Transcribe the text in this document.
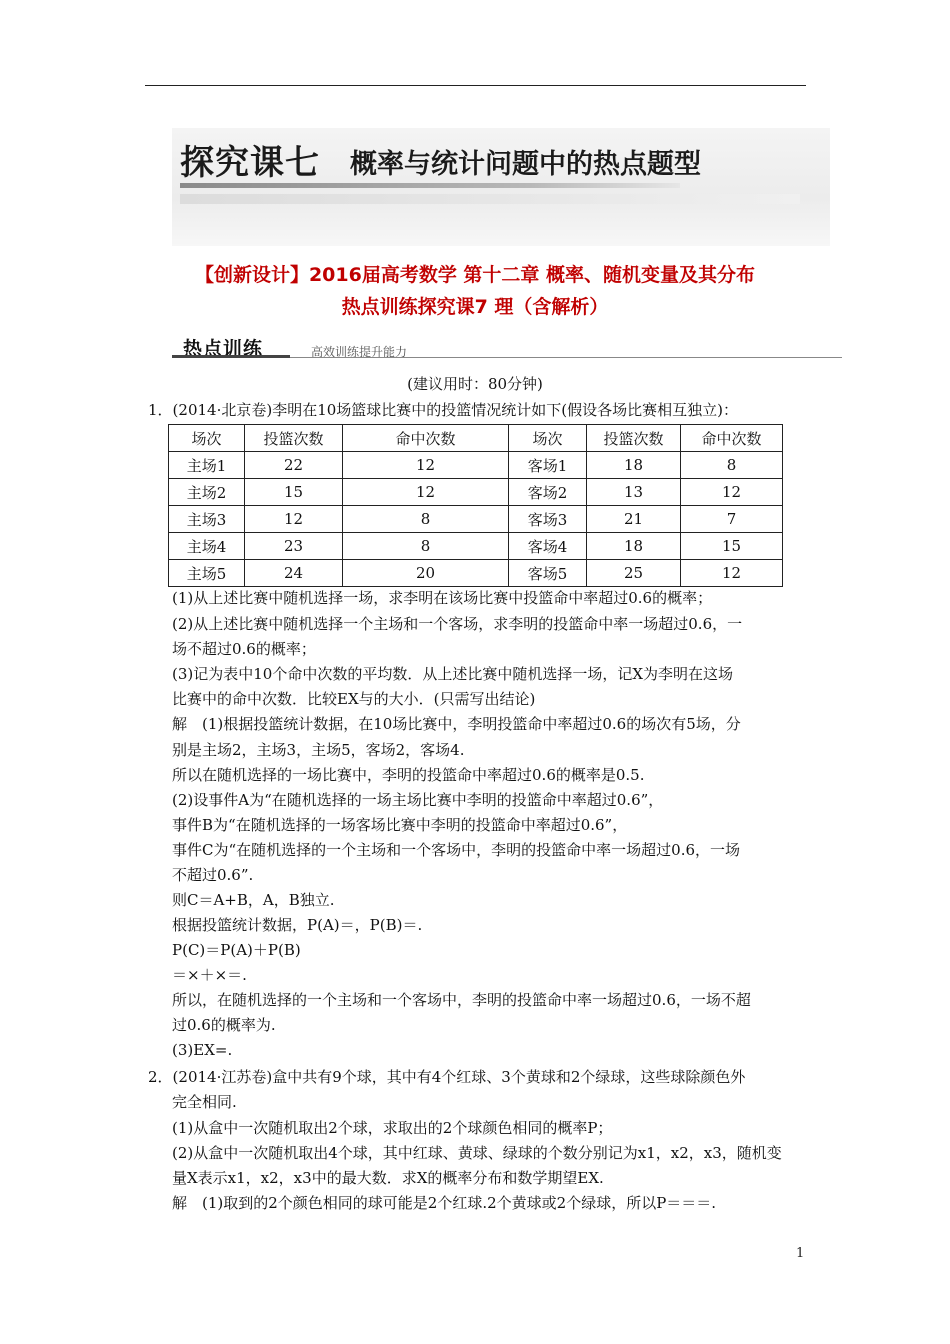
探究课七 概率与统计问题中的热点题型
【创新设计】2016届高考数学 第十二章 概率、随机变量及其分布
热点训练探究课7 理（含解析）
热点训练	高效训练提升能力
(建议用时：80分钟)
1．(2014·北京卷)李明在10场篮球比赛中的投篮情况统计如下(假设各场比赛相互独立)：
场次	投篮次数	命中次数	场次	投篮次数	命中次数
主场1	22	12	客场1	18	8
主场2	15	12	客场2	13	12
主场3	12	8	客场3	21	7
主场4	23	8	客场4	18	15
主场5	24	20	客场5	25	12
(1)从上述比赛中随机选择一场，求李明在该场比赛中投篮命中率超过0.6的概率；
(2)从上述比赛中随机选择一个主场和一个客场，求李明的投篮命中率一场超过0.6，一
场不超过0.6的概率；
(3)记为表中10个命中次数的平均数．从上述比赛中随机选择一场，记X为李明在这场
比赛中的命中次数．比较EX与的大小．(只需写出结论)
解　(1)根据投篮统计数据，在10场比赛中，李明投篮命中率超过0.6的场次有5场，分
别是主场2，主场3，主场5，客场2，客场4.
所以在随机选择的一场比赛中，李明的投篮命中率超过0.6的概率是0.5.
(2)设事件A为“在随机选择的一场主场比赛中李明的投篮命中率超过0.6”，
事件B为“在随机选择的一场客场比赛中李明的投篮命中率超过0.6”，
事件C为“在随机选择的一个主场和一个客场中，李明的投篮命中率一场超过0.6，一场
不超过0.6”.
则C＝A+B，A，B独立.
根据投篮统计数据，P(A)＝，P(B)＝.
P(C)＝P(A)＋P(B)
＝×＋×＝.
所以，在随机选择的一个主场和一个客场中，李明的投篮命中率一场超过0.6，一场不超
过0.6的概率为.
(3)EX=.
2．(2014·江苏卷)盒中共有9个球，其中有4个红球、3个黄球和2个绿球，这些球除颜色外
完全相同.
(1)从盒中一次随机取出2个球，求取出的2个球颜色相同的概率P；
(2)从盒中一次随机取出4个球，其中红球、黄球、绿球的个数分别记为x1，x2，x3，随机变
量X表示x1，x2，x3中的最大数．求X的概率分布和数学期望EX.
解　(1)取到的2个颜色相同的球可能是2个红球.2个黄球或2个绿球，所以P＝＝＝.
1
